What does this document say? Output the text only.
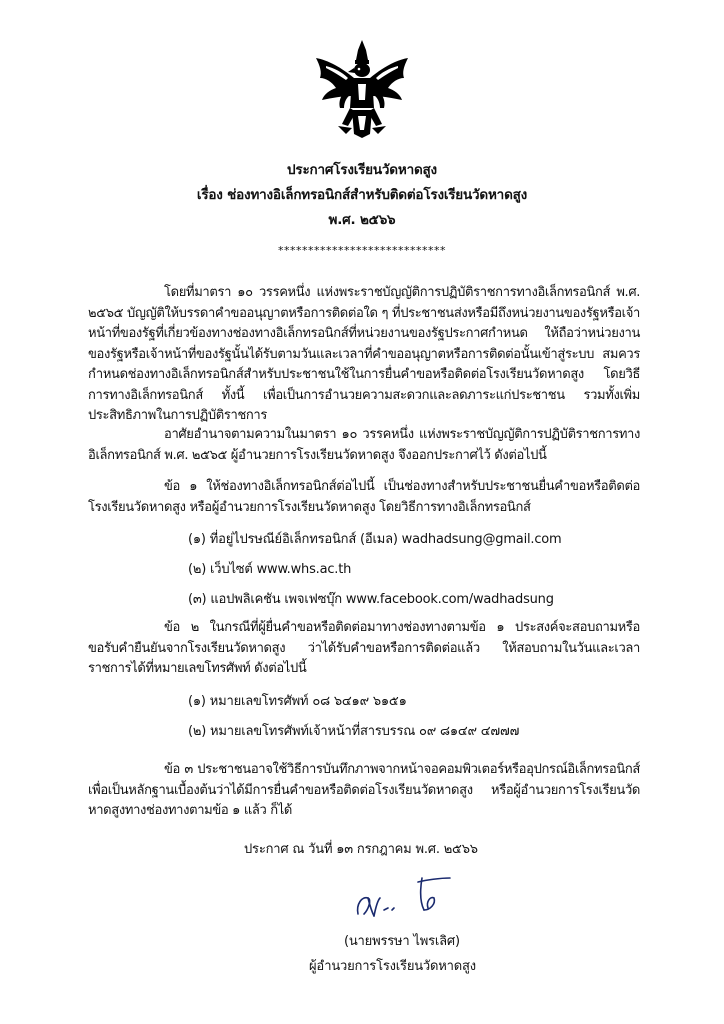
ประกาศโรงเรียนวัดหาดสูง
เรื่อง ช่องทางอิเล็กทรอนิกส์สำหรับติดต่อโรงเรียนวัดหาดสูง
พ.ศ. ๒๕๖๖
****************************

โดยที่มาตรา ๑๐ วรรคหนึ่ง แห่งพระราชบัญญัติการปฏิบัติราชการทางอิเล็กทรอนิกส์ พ.ศ. ๒๕๖๕ บัญญัติให้บรรดาคำขออนุญาตหรือการติดต่อใด ๆ ที่ประชาชนส่งหรือมีถึงหน่วยงานของรัฐหรือเจ้าหน้าที่ของรัฐที่เกี่ยวข้องทางช่องทางอิเล็กทรอนิกส์ที่หน่วยงานของรัฐประกาศกำหนด ให้ถือว่าหน่วยงานของรัฐหรือเจ้าหน้าที่ของรัฐนั้นได้รับตามวันและเวลาที่คำขออนุญาตหรือการติดต่อนั้นเข้าสู่ระบบ สมควรกำหนดช่องทางอิเล็กทรอนิกส์สำหรับประชาชนใช้ในการยื่นคำขอหรือติดต่อโรงเรียนวัดหาดสูง โดยวิธีการทางอิเล็กทรอนิกส์ ทั้งนี้ เพื่อเป็นการอำนวยความสะดวกและลดภาระแก่ประชาชน รวมทั้งเพิ่มประสิทธิภาพในการปฏิบัติราชการ

อาศัยอำนาจตามความในมาตรา ๑๐ วรรคหนึ่ง แห่งพระราชบัญญัติการปฏิบัติราชการทางอิเล็กทรอนิกส์ พ.ศ. ๒๕๖๕ ผู้อำนวยการโรงเรียนวัดหาดสูง จึงออกประกาศไว้ ดังต่อไปนี้

ข้อ ๑ ให้ช่องทางอิเล็กทรอนิกส์ต่อไปนี้ เป็นช่องทางสำหรับประชาชนยื่นคำขอหรือติดต่อโรงเรียนวัดหาดสูง หรือผู้อำนวยการโรงเรียนวัดหาดสูง โดยวิธีการทางอิเล็กทรอนิกส์

(๑) ที่อยู่ไปรษณีย์อิเล็กทรอนิกส์ (อีเมล) wadhadsung@gmail.com
(๒) เว็บไซต์ www.whs.ac.th
(๓) แอปพลิเคชัน เพจเฟซบุ๊ก www.facebook.com/wadhadsung

ข้อ ๒ ในกรณีที่ผู้ยื่นคำขอหรือติดต่อมาทางช่องทางตามข้อ ๑ ประสงค์จะสอบถามหรือขอรับคำยืนยันจากโรงเรียนวัดหาดสูง ว่าได้รับคำขอหรือการติดต่อแล้ว ให้สอบถามในวันและเวลาราชการได้ที่หมายเลขโทรศัพท์ ดังต่อไปนี้

(๑) หมายเลขโทรศัพท์ ๐๘ ๖๔๑๙ ๖๑๕๑
(๒) หมายเลขโทรศัพท์เจ้าหน้าที่สารบรรณ ๐๙ ๘๑๔๙ ๔๗๗๗

ข้อ ๓ ประชาชนอาจใช้วิธีการบันทึกภาพจากหน้าจอคอมพิวเตอร์หรืออุปกรณ์อิเล็กทรอนิกส์ เพื่อเป็นหลักฐานเบื้องต้นว่าได้มีการยื่นคำขอหรือติดต่อโรงเรียนวัดหาดสูง หรือผู้อำนวยการโรงเรียนวัดหาดสูงทางช่องทางตามข้อ ๑ แล้ว ก็ได้

ประกาศ ณ วันที่ ๑๓ กรกฎาคม พ.ศ. ๒๕๖๖
(นายพรรษา ไพรเลิศ)
ผู้อำนวยการโรงเรียนวัดหาดสูง
